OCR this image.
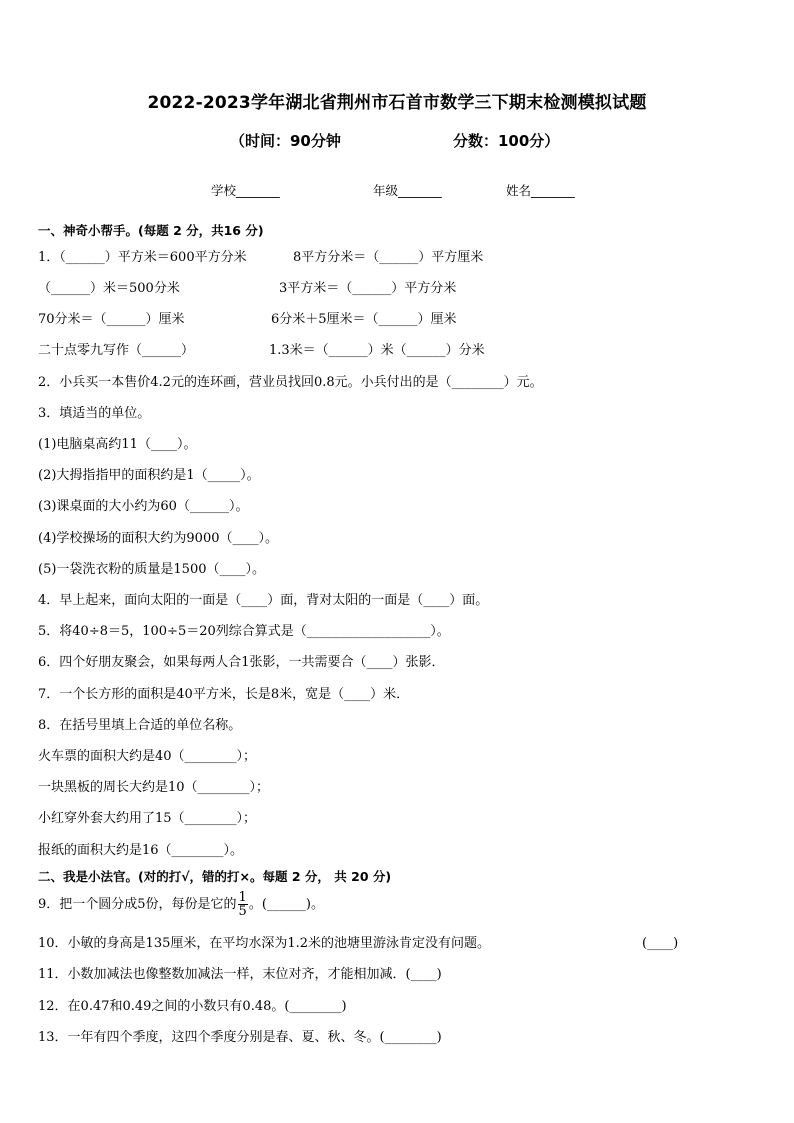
2022-2023学年湖北省荆州市石首市数学三下期末检测模拟试题
（时间：90分钟	分数：100分）
学校_______	年级_______	姓名_______
一、神奇小帮手。(每题 2 分，共16 分)
1．（______）平方米＝600平方分米	8平方分米＝（______）平方厘米
（______）米＝500分米	3平方米＝（______）平方分米
70分米＝（______）厘米	6分米＋5厘米＝（______）厘米
二十点零九写作（______）	1.3米＝（______）米（______）分米
2．小兵买一本售价4.2元的连环画，营业员找回0.8元。小兵付出的是（________）元。
3．填适当的单位。
(1)电脑桌高约11（____）。
(2)大拇指指甲的面积约是1（_____）。
(3)课桌面的大小约为60（______）。
(4)学校操场的面积大约为9000（____）。
(5)一袋洗衣粉的质量是1500（____）。
4．早上起来，面向太阳的一面是（____）面，背对太阳的一面是（____）面。
5．将40÷8＝5，100÷5＝20列综合算式是（___________________）。
6．四个好朋友聚会，如果每两人合1张影，一共需要合（____）张影．
7．一个长方形的面积是40平方米，长是8米，宽是（____）米．
8．在括号里填上合适的单位名称。
火车票的面积大约是40（________）；
一块黑板的周长大约是10（________）；
小红穿外套大约用了15（________）；
报纸的面积大约是16（________）。
二、我是小法官。(对的打√，错的打×。每题 2 分， 共 20 分)
9．把一个圆分成5份，每份是它的 $\frac{1}{5}$ 。(______)。
10．小敏的身高是135厘米，在平均水深为1.2米的池塘里游泳肯定没有问题。	(____)
11．小数加减法也像整数加减法一样，末位对齐，才能相加减．(____)
12．在0.47和0.49之间的小数只有0.48。(________)
13．一年有四个季度，这四个季度分别是春、夏、秋、冬。(________)
